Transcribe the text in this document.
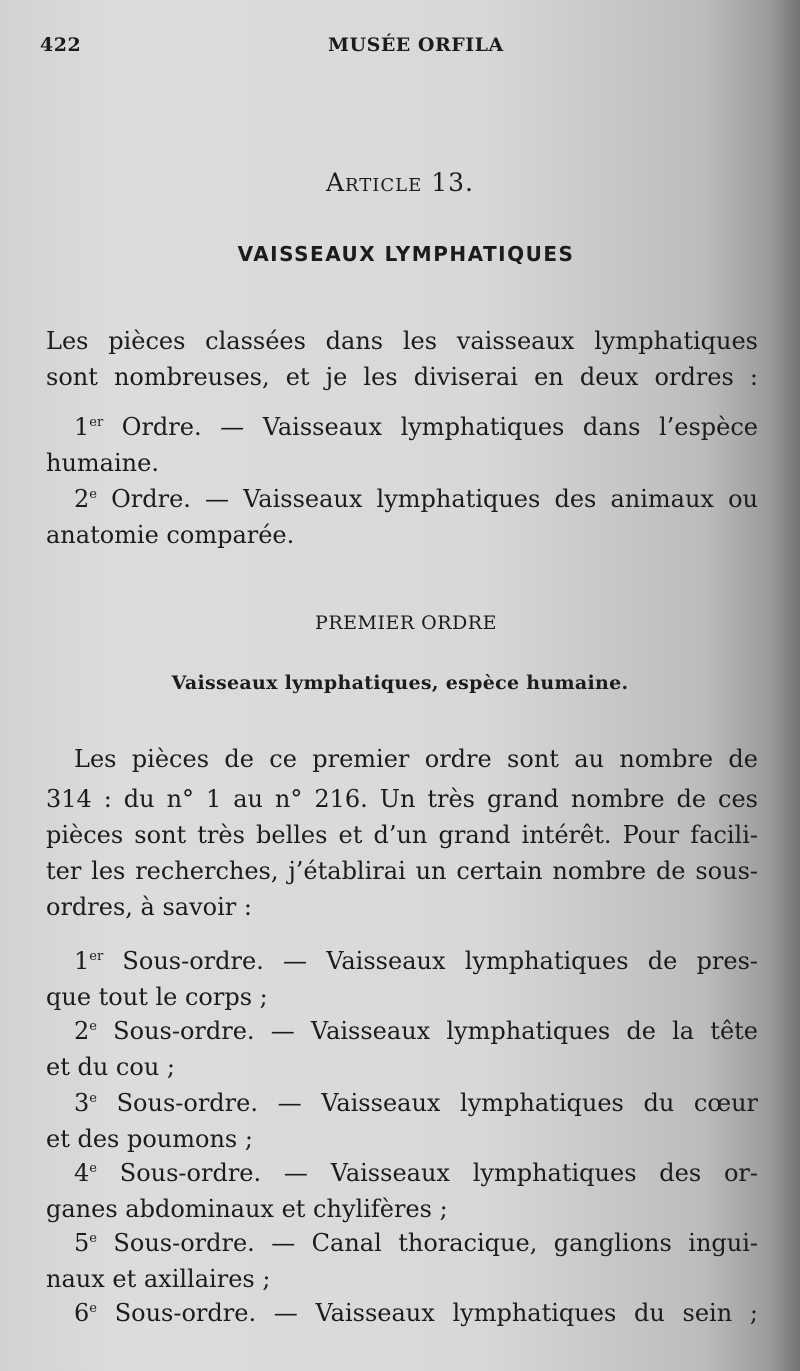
422	MUSÉE ORFILA
Article 13.
VAISSEAUX LYMPHATIQUES
Les pièces classées dans les vaisseaux lymphatiques
sont nombreuses, et je les diviserai en deux ordres :
1er Ordre. — Vaisseaux lymphatiques dans l’espèce
humaine.
2e Ordre. — Vaisseaux lymphatiques des animaux ou
anatomie comparée.
PREMIER ORDRE
Vaisseaux lymphatiques, espèce humaine.
Les pièces de ce premier ordre sont au nombre de
314 : du n° 1 au n° 216. Un très grand nombre de ces
pièces sont très belles et d’un grand intérêt. Pour facili-
ter les recherches, j’établirai un certain nombre de sous-
ordres, à savoir :
1er Sous-ordre. — Vaisseaux lymphatiques de pres-
que tout le corps ;
2e Sous-ordre. — Vaisseaux lymphatiques de la tête
et du cou ;
3e Sous-ordre. — Vaisseaux lymphatiques du cœur
et des poumons ;
4e Sous-ordre. — Vaisseaux lymphatiques des or-
ganes abdominaux et chylifères ;
5e Sous-ordre. — Canal thoracique, ganglions ingui-
naux et axillaires ;
6e Sous-ordre. — Vaisseaux lymphatiques du sein ;
